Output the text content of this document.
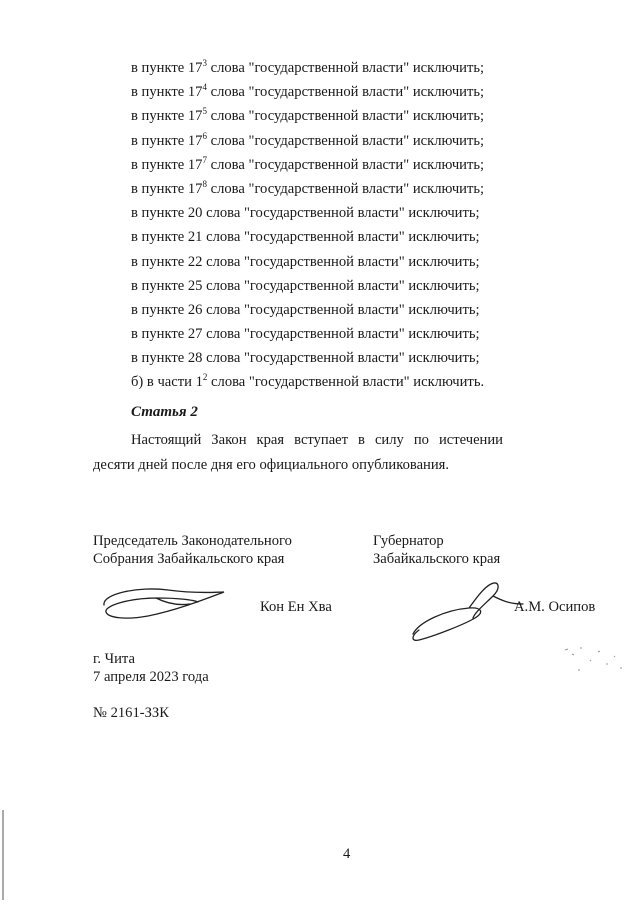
в пункте $17^3$ слова "государственной власти" исключить;
в пункте $17^4$ слова "государственной власти" исключить;
в пункте $17^5$ слова "государственной власти" исключить;
в пункте $17^6$ слова "государственной власти" исключить;
в пункте $17^7$ слова "государственной власти" исключить;
в пункте $17^8$ слова "государственной власти" исключить;
в пункте 20 слова "государственной власти" исключить;
в пункте 21 слова "государственной власти" исключить;
в пункте 22 слова "государственной власти" исключить;
в пункте 25 слова "государственной власти" исключить;
в пункте 26 слова "государственной власти" исключить;
в пункте 27 слова "государственной власти" исключить;
в пункте 28 слова "государственной власти" исключить;
б) в части $1^2$ слова "государственной власти" исключить.
Статья 2

Настоящий Закон края вступает в силу по истечении десяти дней после дня его официального опубликования.

Председатель Законодательного
Собрания Забайкальского края
Губернатор
Забайкальского края
Кон Ен Хва	А.М. Осипов
г. Чита
7 апреля 2023 года
№ 2161-ЗЗК
4
